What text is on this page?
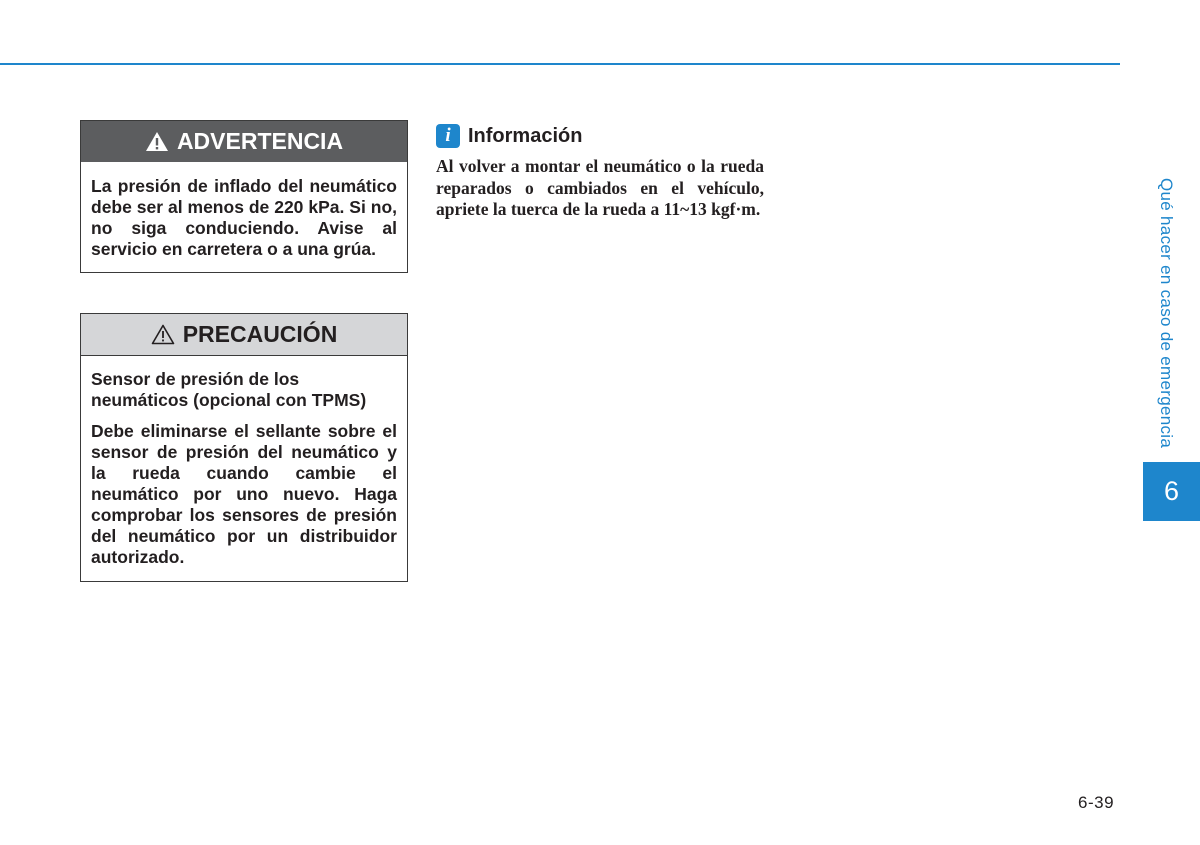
ADVERTENCIA

La presión de inflado del neumático debe ser al menos de 220 kPa. Si no, no siga conduciendo. Avise al servicio en carretera o a una grúa.

PRECAUCIÓN

Sensor de presión de los neumáticos (opcional con TPMS)

Debe eliminarse el sellante sobre el sensor de presión del neumático y la rueda cuando cambie el neumático por uno nuevo. Haga comprobar los sensores de presión del neumático por un distribuidor autorizado.

i Información
Al volver a montar el neumático o la rueda reparados o cambiados en el vehículo, apriete la tuerca de la rueda a 11~13 kgf·m.	Qué hacer en caso de emergencia
6
6-39
